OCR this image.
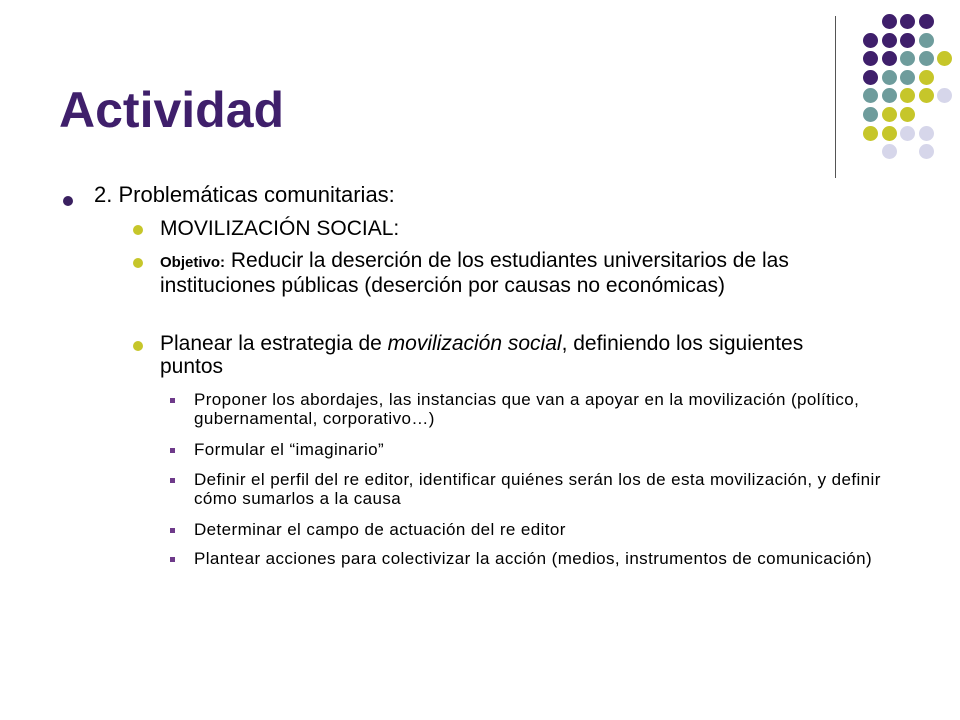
Actividad

2. Problemáticas comunitarias:

MOVILIZACIÓN SOCIAL:

Objetivo: Reducir la deserción de los estudiantes universitarios de las instituciones públicas (deserción por causas no económicas)

Planear la estrategia de movilización social, definiendo los siguientes puntos

Proponer los abordajes, las instancias que van a apoyar en la movilización (político, gubernamental, corporativo…)

Formular el “imaginario”

Definir el perfil del re editor, identificar quiénes serán los de esta movilización, y definir cómo sumarlos a la causa

Determinar el campo de actuación del re editor

Plantear acciones para colectivizar la acción (medios, instrumentos de comunicación)
